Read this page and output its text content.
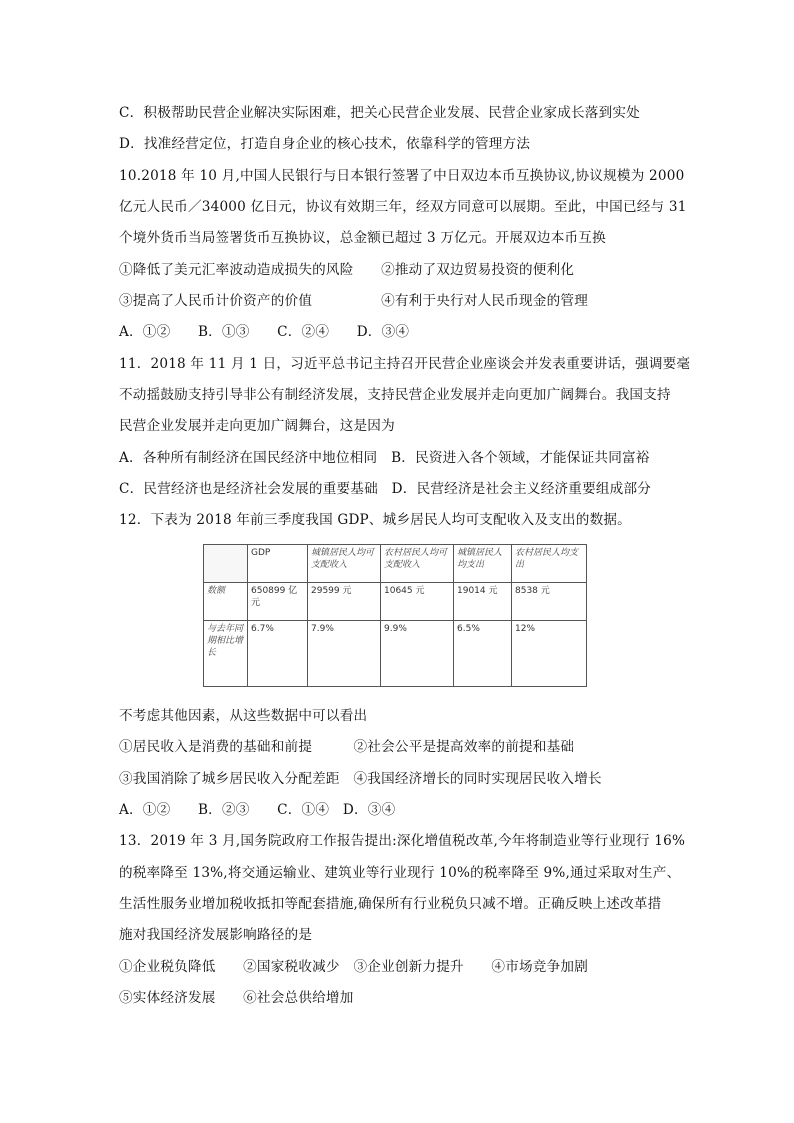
C．积极帮助民营企业解决实际困难，把关心民营企业发展、民营企业家成长落到实处
D．找准经营定位，打造自身企业的核心技术，依靠科学的管理方法
10.2018 年 10 月,中国人民银行与日本银行签署了中日双边本币互换协议,协议规模为 2000
亿元人民币／34000 亿日元，协议有效期三年，经双方同意可以展期。至此，中国已经与 31
个境外货币当局签署货币互换协议，总金额已超过 3 万亿元。开展双边本币互换
①降低了美元汇率波动造成损失的风险　　②推动了双边贸易投资的便利化
③提高了人民币计价资产的价值　　　　　④有利于央行对人民币现金的管理
A．①②　　B．①③　　C．②④　　D．③④
11．2018 年 11 月 1 日，习近平总书记主持召开民营企业座谈会并发表重要讲话，强调要毫
不动摇鼓励支持引导非公有制经济发展，支持民营企业发展并走向更加广阔舞台。我国支持
民营企业发展并走向更加广阔舞台，这是因为
A．各种所有制经济在国民经济中地位相同　B．民资进入各个领域，才能保证共同富裕
C．民营经济也是经济社会发展的重要基础　D．民营经济是社会主义经济重要组成部分
12．下表为 2018 年前三季度我国 GDP、城乡居民人均可支配收入及支出的数据。
	GDP	城镇居民人均可支配收入	农村居民人均可支配收入	城镇居民人均支出	农村居民人均支出
数额	650899 亿元	29599 元	10645 元	19014 元	8538 元
与去年同期相比增长	6.7%	7.9%	9.9%	6.5%	12%
不考虑其他因素，从这些数据中可以看出
①居民收入是消费的基础和前提　　　②社会公平是提高效率的前提和基础
③我国消除了城乡居民收入分配差距　④我国经济增长的同时实现居民收入增长
A．①②　　B．②③　　C．①④　D．③④
13．2019 年 3 月,国务院政府工作报告提出:深化增值税改革,今年将制造业等行业现行 16%
的税率降至 13%,将交通运输业、建筑业等行业现行 10%的税率降至 9%,通过采取对生产、
生活性服务业增加税收抵扣等配套措施,确保所有行业税负只减不增。正确反映上述改革措
施对我国经济发展影响路径的是
①企业税负降低　　②国家税收减少　③企业创新力提升　　④市场竞争加剧
⑤实体经济发展　　⑥社会总供给增加
